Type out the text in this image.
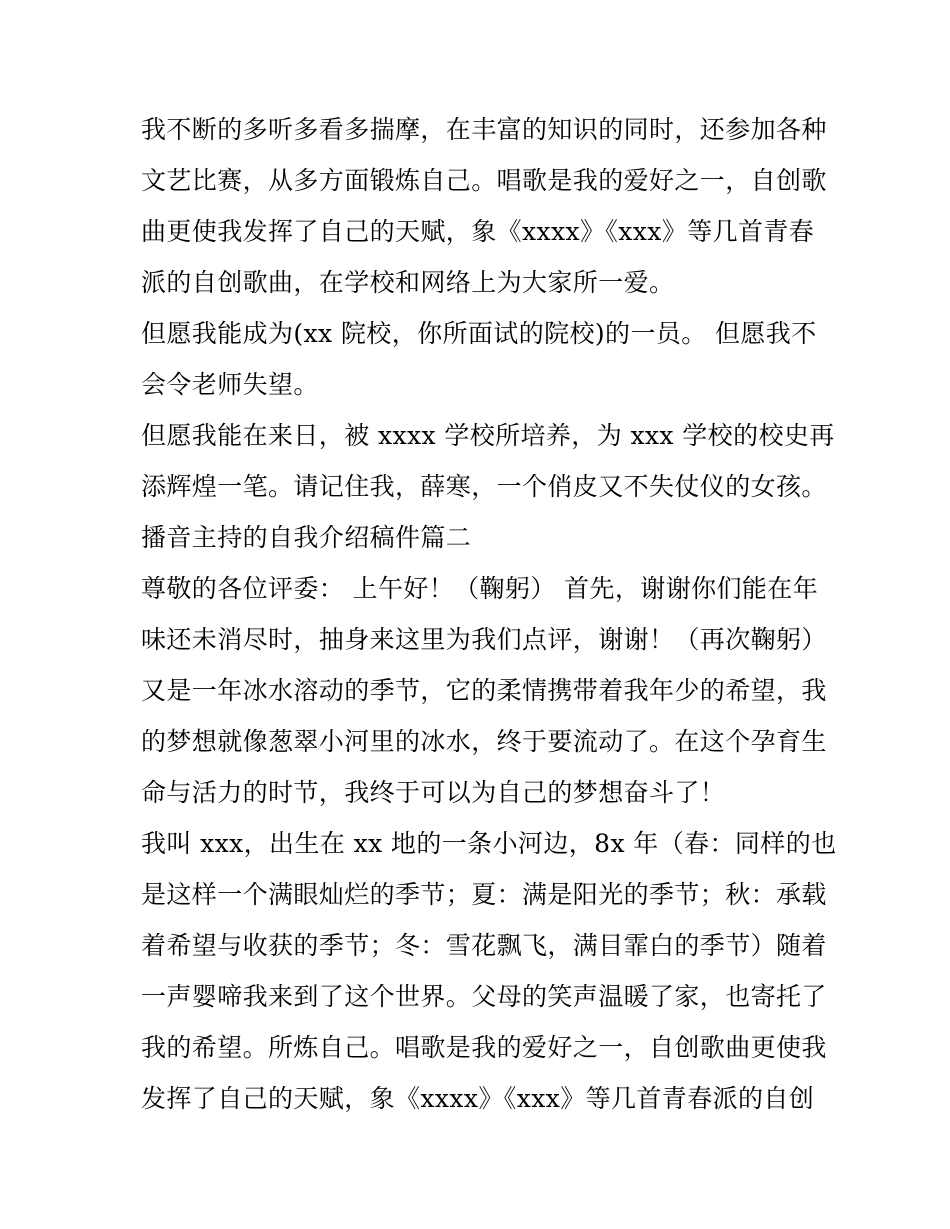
我不断的多听多看多揣摩，在丰富的知识的同时，还参加各种
文艺比赛，从多方面锻炼自己。唱歌是我的爱好之一，自创歌
曲更使我发挥了自己的天赋，象《xxxx》《xxx》等几首青春
派的自创歌曲，在学校和网络上为大家所一爱。
但愿我能成为(xx 院校，你所面试的院校)的一员。 但愿我不
会令老师失望。
但愿我能在来日，被 xxxx 学校所培养，为 xxx 学校的校史再
添辉煌一笔。请记住我，薛寒，一个俏皮又不失仗仪的女孩。
播音主持的自我介绍稿件篇二
尊敬的各位评委： 上午好！（鞠躬） 首先，谢谢你们能在年
味还未消尽时，抽身来这里为我们点评，谢谢！（再次鞠躬）
又是一年冰水溶动的季节，它的柔情携带着我年少的希望，我
的梦想就像葱翠小河里的冰水，终于要流动了。在这个孕育生
命与活力的时节，我终于可以为自己的梦想奋斗了！
我叫 xxx，出生在 xx 地的一条小河边，8x 年（春：同样的也
是这样一个满眼灿烂的季节；夏：满是阳光的季节；秋：承载
着希望与收获的季节；冬：雪花飘飞，满目霏白的季节）随着
一声婴啼我来到了这个世界。父母的笑声温暖了家，也寄托了
我的希望。所炼自己。唱歌是我的爱好之一，自创歌曲更使我
发挥了自己的天赋，象《xxxx》《xxx》等几首青春派的自创
